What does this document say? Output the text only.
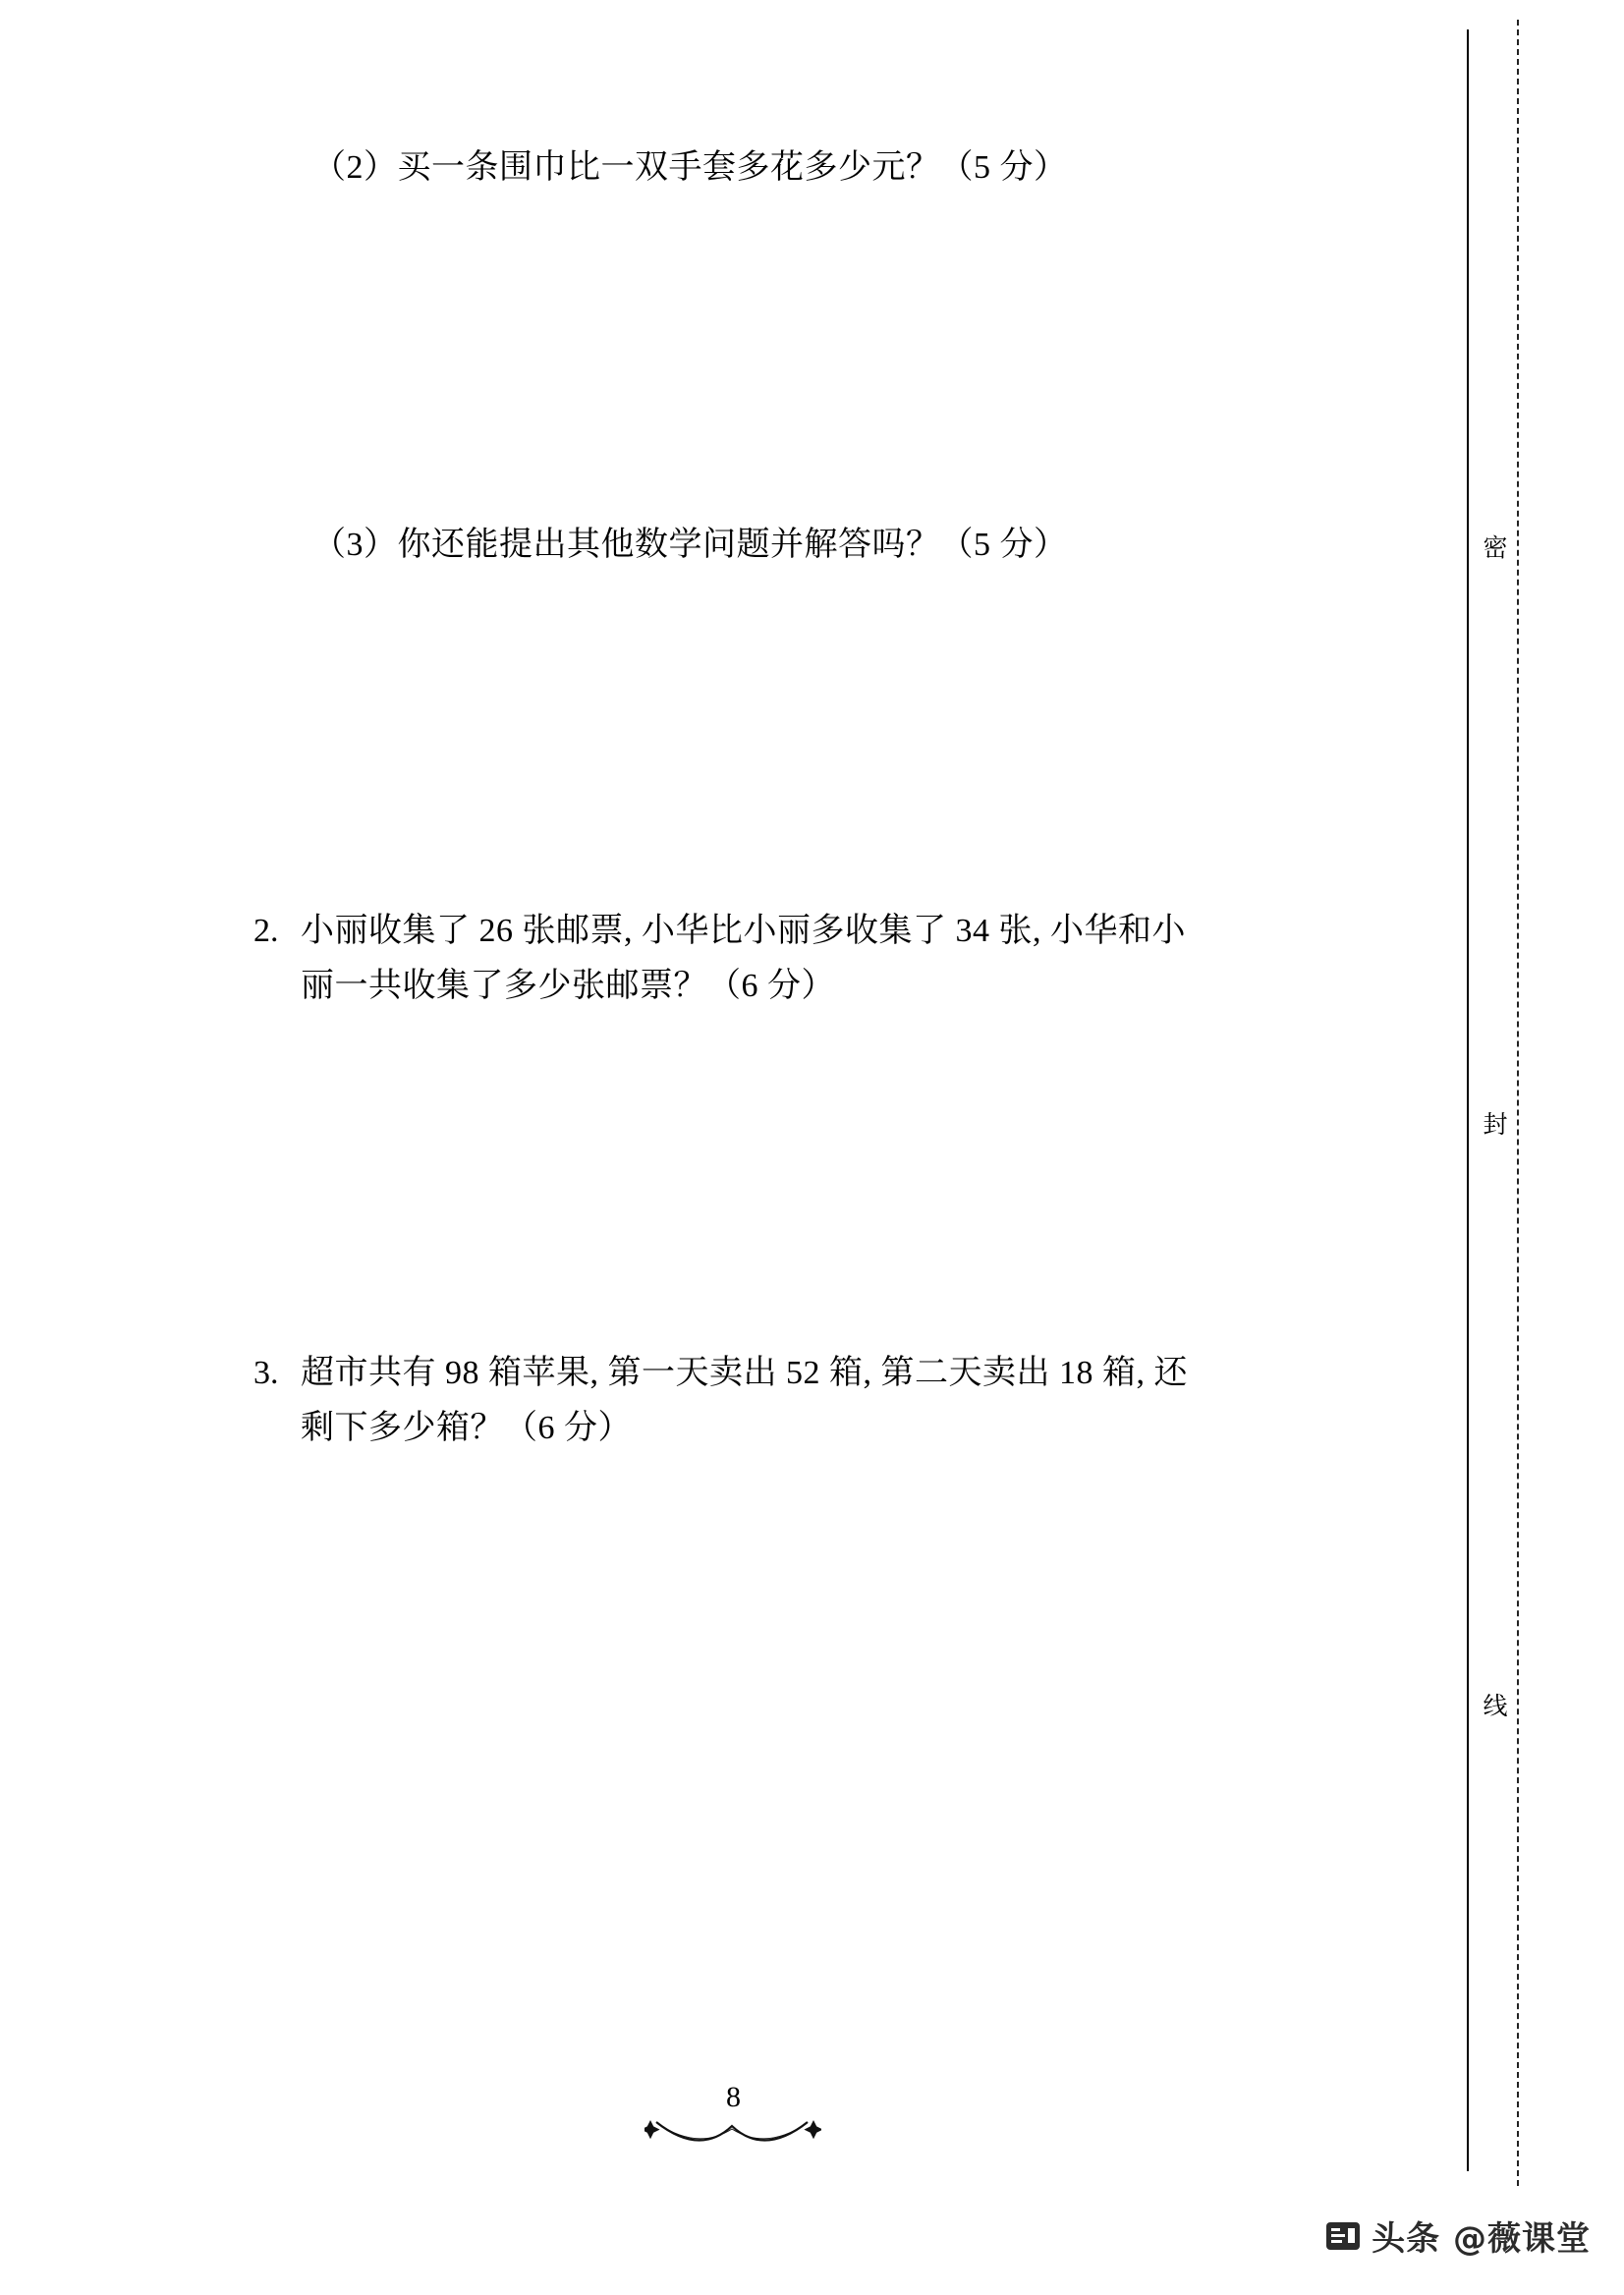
（2）买一条围巾比一双手套多花多少元？（5 分）
（3）你还能提出其他数学问题并解答吗？（5 分）
2. 小丽收集了 26 张邮票, 小华比小丽多收集了 34 张, 小华和小
丽一共收集了多少张邮票？（6 分）
3. 超市共有 98 箱苹果, 第一天卖出 52 箱, 第二天卖出 18 箱, 还
剩下多少箱？（6 分）
8
密
封
线
头条 @薇课堂
